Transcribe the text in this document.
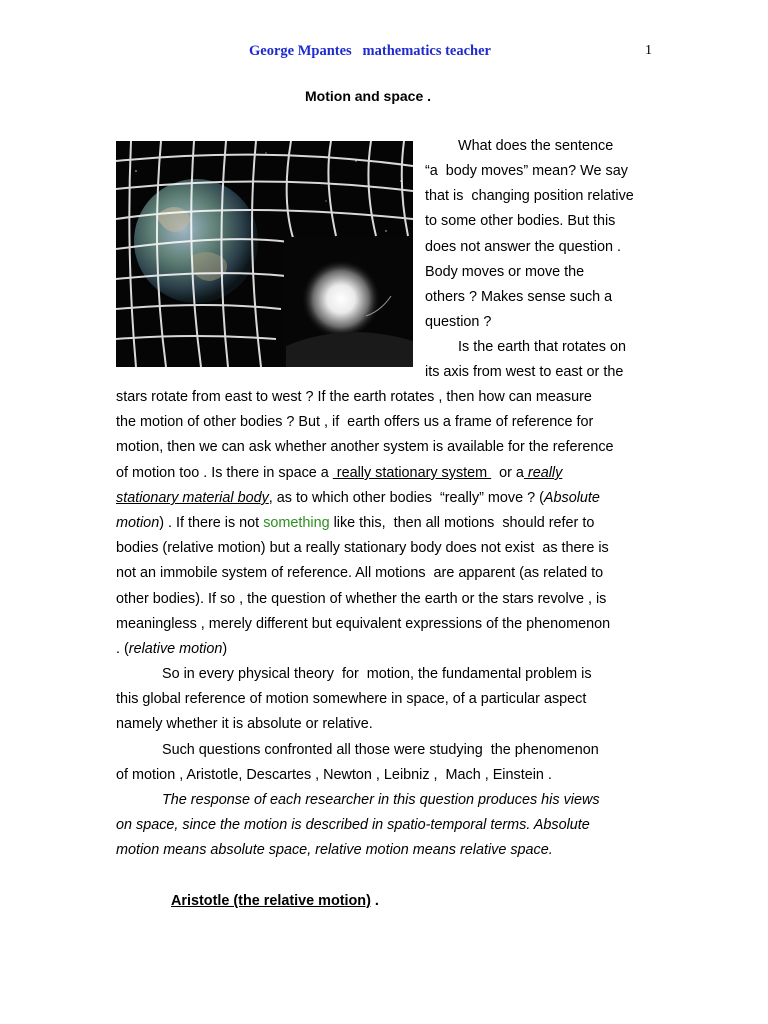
George Mpantes   mathematics teacher	1
Motion and space .

What does the sentence

“a  body moves” mean? We say

that is  changing position relative

to some other bodies. But this

does not answer the question .

Body moves or move the

others ? Makes sense such a

question ?

Is the earth that rotates on

its axis from west to east or the

stars rotate from east to west ? If the earth rotates , then how can measure

the motion of other bodies ? But , if  earth offers us a frame of reference for

motion, then we can ask whether another system is available for the reference

of motion too . Is there in space a  really stationary system   or a really

stationary material body, as to which other bodies  “really” move ? (Absolute

motion) . If there is not something like this,  then all motions  should refer to

bodies (relative motion) but a really stationary body does not exist  as there is

not an immobile system of reference. All motions  are apparent (as related to

other bodies). If so , the question of whether the earth or the stars revolve , is

meaningless , merely different but equivalent expressions of the phenomenon

. (relative motion)

So in every physical theory  for  motion, the fundamental problem is

this global reference of motion somewhere in space, of a particular aspect

namely whether it is absolute or relative.

Such questions confronted all those were studying  the phenomenon

of motion , Aristotle, Descartes , Newton , Leibniz ,  Mach , Einstein .

The response of each researcher in this question produces his views

on space, since the motion is described in spatio-temporal terms. Absolute

motion means absolute space, relative motion means relative space.

Aristotle (the relative motion) .
